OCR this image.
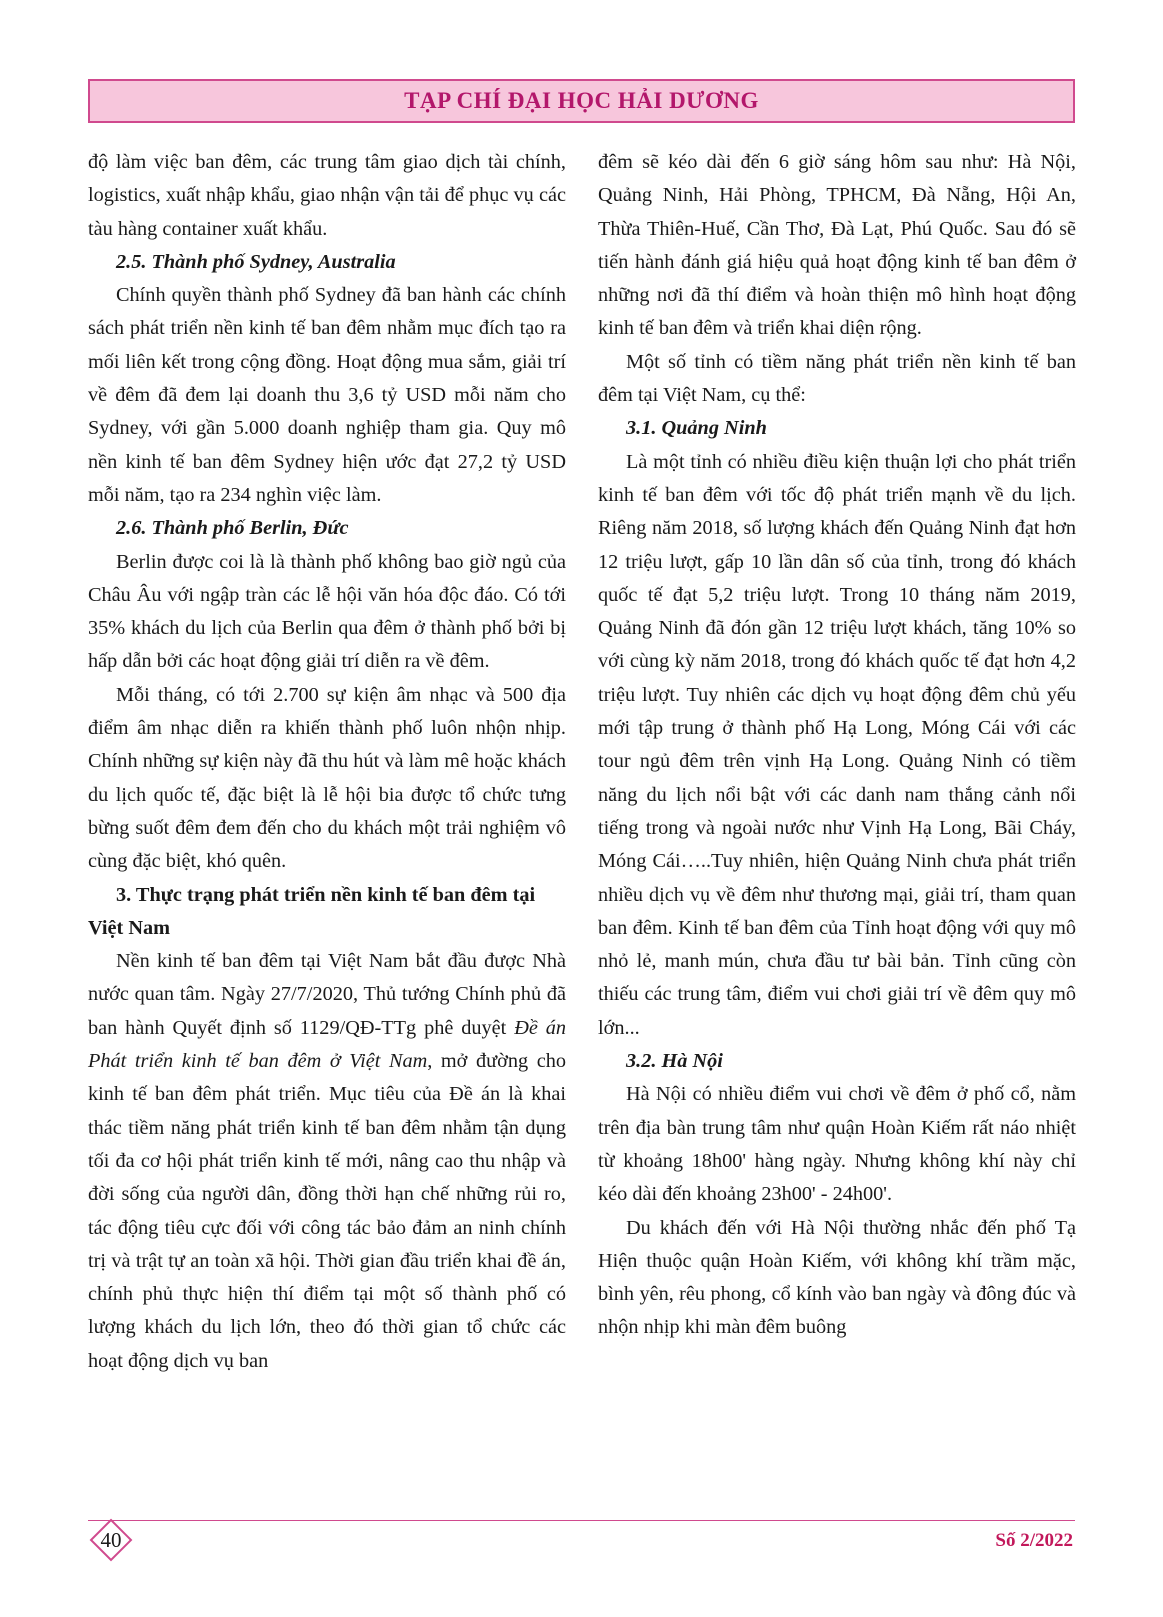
TẠP CHÍ ĐẠI HỌC HẢI DƯƠNG

độ làm việc ban đêm, các trung tâm giao dịch tài chính, logistics, xuất nhập khẩu, giao nhận vận tải để phục vụ các tàu hàng container xuất khẩu.

2.5. Thành phố Sydney, Australia

Chính quyền thành phố Sydney đã ban hành các chính sách phát triển nền kinh tế ban đêm nhằm mục đích tạo ra mối liên kết trong cộng đồng. Hoạt động mua sắm, giải trí về đêm đã đem lại doanh thu 3,6 tỷ USD mỗi năm cho Sydney, với gần 5.000 doanh nghiệp tham gia. Quy mô nền kinh tế ban đêm Sydney hiện ước đạt 27,2 tỷ USD mỗi năm, tạo ra 234 nghìn việc làm.

2.6. Thành phố Berlin, Đức

Berlin được coi là là thành phố không bao giờ ngủ của Châu Âu với ngập tràn các lễ hội văn hóa độc đáo. Có tới 35% khách du lịch của Berlin qua đêm ở thành phố bởi bị hấp dẫn bởi các hoạt động giải trí diễn ra về đêm.

Mỗi tháng, có tới 2.700 sự kiện âm nhạc và 500 địa điểm âm nhạc diễn ra khiến thành phố luôn nhộn nhịp. Chính những sự kiện này đã thu hút và làm mê hoặc khách du lịch quốc tế, đặc biệt là lễ hội bia được tổ chức tưng bừng suốt đêm đem đến cho du khách một trải nghiệm vô cùng đặc biệt, khó quên.

3. Thực trạng phát triển nền kinh tế ban đêm tại Việt Nam

Nền kinh tế ban đêm tại Việt Nam bắt đầu được Nhà nước quan tâm. Ngày 27/7/2020, Thủ tướng Chính phủ đã ban hành Quyết định số 1129/QĐ-TTg phê duyệt Đề án Phát triển kinh tế ban đêm ở Việt Nam, mở đường cho kinh tế ban đêm phát triển. Mục tiêu của Đề án là khai thác tiềm năng phát triển kinh tế ban đêm nhằm tận dụng tối đa cơ hội phát triển kinh tế mới, nâng cao thu nhập và đời sống của người dân, đồng thời hạn chế những rủi ro, tác động tiêu cực đối với công tác bảo đảm an ninh chính trị và trật tự an toàn xã hội. Thời gian đầu triển khai đề án, chính phủ thực hiện thí điểm tại một số thành phố có lượng khách du lịch lớn, theo đó thời gian tổ chức các hoạt động dịch vụ ban

đêm sẽ kéo dài đến 6 giờ sáng hôm sau như: Hà Nội, Quảng Ninh, Hải Phòng, TPHCM, Đà Nẵng, Hội An, Thừa Thiên-Huế, Cần Thơ, Đà Lạt, Phú Quốc. Sau đó sẽ tiến hành đánh giá hiệu quả hoạt động kinh tế ban đêm ở những nơi đã thí điểm và hoàn thiện mô hình hoạt động kinh tế ban đêm và triển khai diện rộng.

Một số tỉnh có tiềm năng phát triển nền kinh tế ban đêm tại Việt Nam, cụ thể:

3.1. Quảng Ninh

Là một tỉnh có nhiều điều kiện thuận lợi cho phát triển kinh tế ban đêm với tốc độ phát triển mạnh về du lịch. Riêng năm 2018, số lượng khách đến Quảng Ninh đạt hơn 12 triệu lượt, gấp 10 lần dân số của tỉnh, trong đó khách quốc tế đạt 5,2 triệu lượt. Trong 10 tháng năm 2019, Quảng Ninh đã đón gần 12 triệu lượt khách, tăng 10% so với cùng kỳ năm 2018, trong đó khách quốc tế đạt hơn 4,2 triệu lượt. Tuy nhiên các dịch vụ hoạt động đêm chủ yếu mới tập trung ở thành phố Hạ Long, Móng Cái với các tour ngủ đêm trên vịnh Hạ Long. Quảng Ninh có tiềm năng du lịch nổi bật với các danh nam thắng cảnh nổi tiếng trong và ngoài nước như Vịnh Hạ Long, Bãi Cháy, Móng Cái…..Tuy nhiên, hiện Quảng Ninh chưa phát triển nhiều dịch vụ về đêm như thương mại, giải trí, tham quan ban đêm. Kinh tế ban đêm của Tỉnh hoạt động với quy mô nhỏ lẻ, manh mún, chưa đầu tư bài bản. Tỉnh cũng còn thiếu các trung tâm, điểm vui chơi giải trí về đêm quy mô lớn...

3.2. Hà Nội

Hà Nội có nhiều điểm vui chơi về đêm ở phố cổ, nằm trên địa bàn trung tâm như quận Hoàn Kiếm rất náo nhiệt từ khoảng 18h00' hàng ngày. Nhưng không khí này chỉ kéo dài đến khoảng 23h00' - 24h00'.

Du khách đến với Hà Nội thường nhắc đến phố Tạ Hiện thuộc quận Hoàn Kiếm, với không khí trầm mặc, bình yên, rêu phong, cổ kính vào ban ngày và đông đúc và nhộn nhịp khi màn đêm buông

40	Số 2/2022
